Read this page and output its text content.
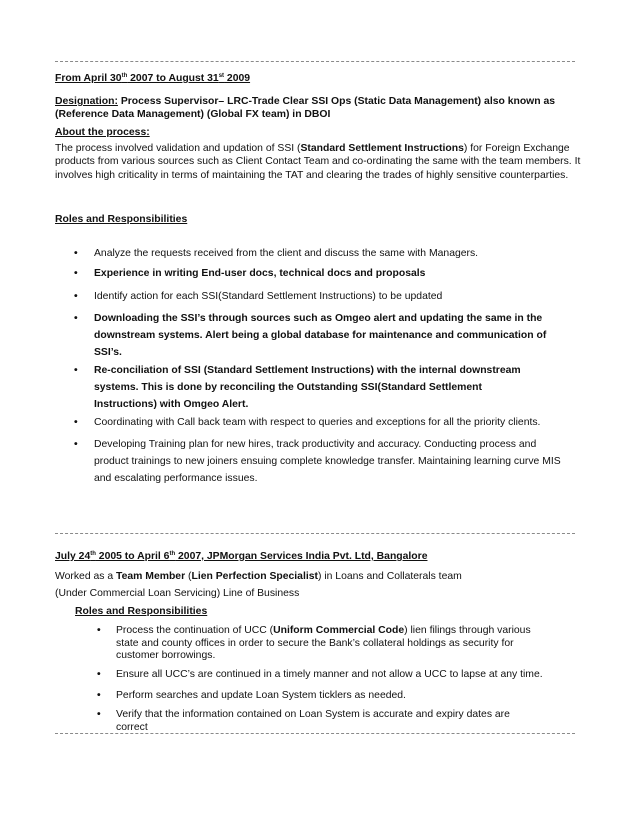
From April 30th 2007 to August 31st 2009
Designation: Process Supervisor– LRC-Trade Clear SSI Ops (Static Data Management) also known as (Reference Data Management) (Global FX team) in DBOI
About the process:
The process involved validation and updation of SSI (Standard Settlement Instructions) for Foreign Exchange products from various sources such as Client Contact Team and co-ordinating the same with the team members. It involves high criticality in terms of maintaining the TAT and clearing the trades of highly sensitive counterparties.
Roles and Responsibilities
• Analyze the requests received from the client and discuss the same with Managers.
• Experience in writing End-user docs, technical docs and proposals
• Identify action for each SSI(Standard Settlement Instructions) to be updated
• Downloading the SSI’s through sources such as Omgeo alert and updating the same in the downstream systems. Alert being a global database for maintenance and communication of SSI’s.
• Re-conciliation of SSI (Standard Settlement Instructions) with the internal downstream systems. This is done by reconciling the Outstanding SSI(Standard Settlement Instructions) with Omgeo Alert.
• Coordinating with Call back team with respect to queries and exceptions for all the priority clients.
• Developing Training plan for new hires, track productivity and accuracy. Conducting process and product trainings to new joiners ensuing complete knowledge transfer. Maintaining learning curve MIS and escalating performance issues.
July 24th 2005 to April 6th 2007, JPMorgan Services India Pvt. Ltd, Bangalore
Worked as a Team Member (Lien Perfection Specialist) in Loans and Collaterals team
(Under Commercial Loan Servicing) Line of Business
Roles and Responsibilities
• Process the continuation of UCC (Uniform Commercial Code) lien filings through various state and county offices in order to secure the Bank’s collateral holdings as security for customer borrowings.
• Ensure all UCC’s are continued in a timely manner and not allow a UCC to lapse at any time.
• Perform searches and update Loan System ticklers as needed.
• Verify that the information contained on Loan System is accurate and expiry dates are correct
